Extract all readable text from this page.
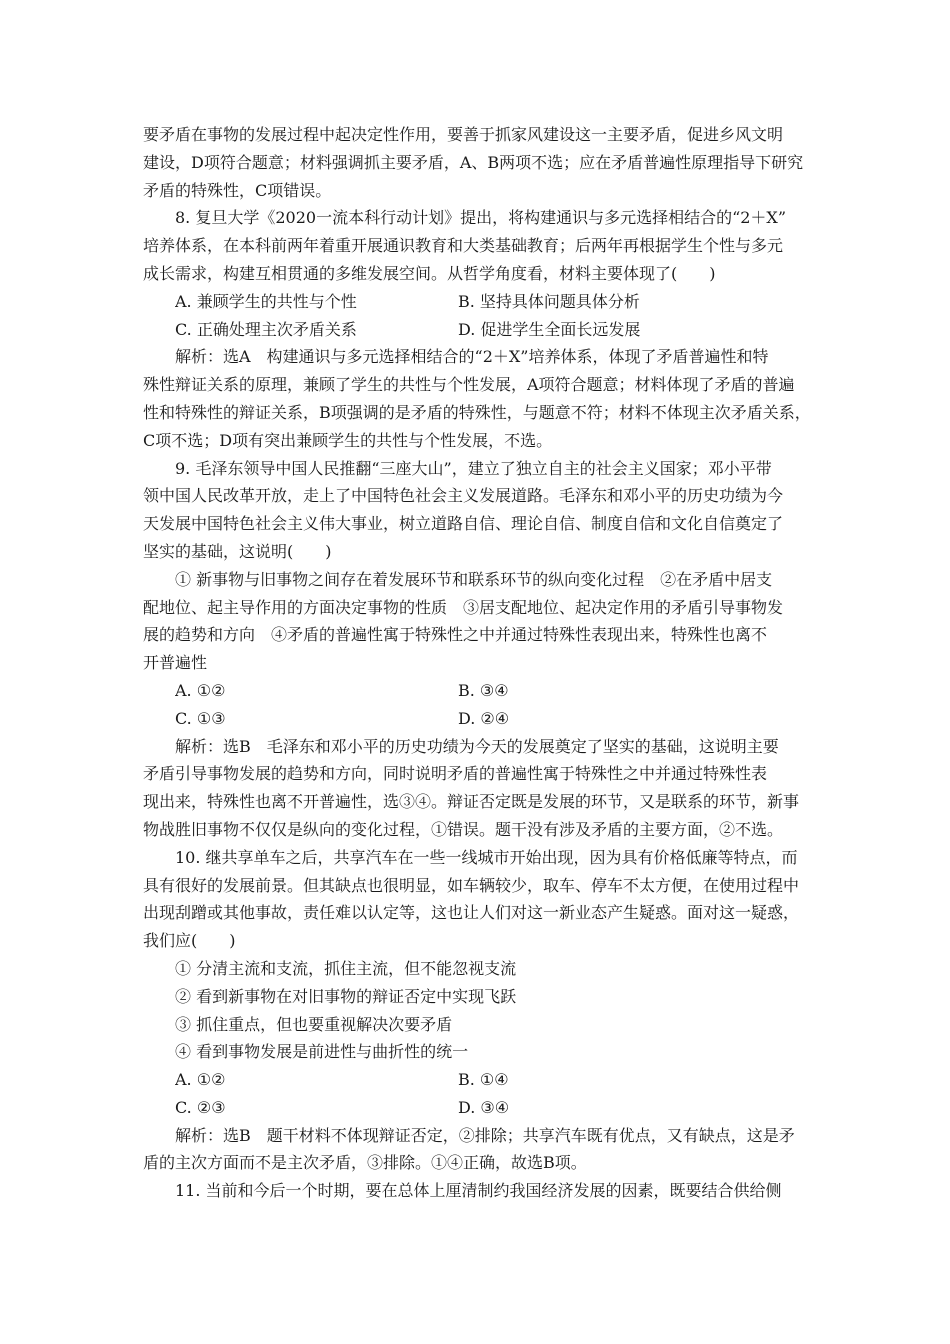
要矛盾在事物的发展过程中起决定性作用，要善于抓家风建设这一主要矛盾，促进乡风文明
建设，D项符合题意；材料强调抓主要矛盾，A、B两项不选；应在矛盾普遍性原理指导下研究
矛盾的特殊性，C项错误。
8. 复旦大学《2020一流本科行动计划》提出，将构建通识与多元选择相结合的“2＋X”
培养体系，在本科前两年着重开展通识教育和大类基础教育；后两年再根据学生个性与多元
成长需求，构建互相贯通的多维发展空间。从哲学角度看，材料主要体现了(　　)
A. 兼顾学生的共性与个性	B. 坚持具体问题具体分析
C. 正确处理主次矛盾关系	D. 促进学生全面长远发展
解析：选A　构建通识与多元选择相结合的“2＋X”培养体系，体现了矛盾普遍性和特
殊性辩证关系的原理，兼顾了学生的共性与个性发展，A项符合题意；材料体现了矛盾的普遍
性和特殊性的辩证关系，B项强调的是矛盾的特殊性，与题意不符；材料不体现主次矛盾关系，
C项不选；D项有突出兼顾学生的共性与个性发展，不选。
9. 毛泽东领导中国人民推翻“三座大山”，建立了独立自主的社会主义国家；邓小平带
领中国人民改革开放，走上了中国特色社会主义发展道路。毛泽东和邓小平的历史功绩为今
天发展中国特色社会主义伟大事业，树立道路自信、理论自信、制度自信和文化自信奠定了
坚实的基础，这说明(　　)
① 新事物与旧事物之间存在着发展环节和联系环节的纵向变化过程　②在矛盾中居支
配地位、起主导作用的方面决定事物的性质　③居支配地位、起决定作用的矛盾引导事物发
展的趋势和方向　④矛盾的普遍性寓于特殊性之中并通过特殊性表现出来，特殊性也离不
开普遍性
A. ①②	B. ③④
C. ①③	D. ②④
解析：选B　毛泽东和邓小平的历史功绩为今天的发展奠定了坚实的基础，这说明主要
矛盾引导事物发展的趋势和方向，同时说明矛盾的普遍性寓于特殊性之中并通过特殊性表
现出来，特殊性也离不开普遍性，选③④。辩证否定既是发展的环节，又是联系的环节，新事
物战胜旧事物不仅仅是纵向的变化过程，①错误。题干没有涉及矛盾的主要方面，②不选。
10. 继共享单车之后，共享汽车在一些一线城市开始出现，因为具有价格低廉等特点，而
具有很好的发展前景。但其缺点也很明显，如车辆较少，取车、停车不太方便，在使用过程中
出现刮蹭或其他事故，责任难以认定等，这也让人们对这一新业态产生疑惑。面对这一疑惑，
我们应(　　)
① 分清主流和支流，抓住主流，但不能忽视支流
② 看到新事物在对旧事物的辩证否定中实现飞跃
③ 抓住重点，但也要重视解决次要矛盾
④ 看到事物发展是前进性与曲折性的统一
A. ①②	B. ①④
C. ②③	D. ③④
解析：选B　题干材料不体现辩证否定，②排除；共享汽车既有优点，又有缺点，这是矛
盾的主次方面而不是主次矛盾，③排除。①④正确，故选B项。
11. 当前和今后一个时期，要在总体上厘清制约我国经济发展的因素，既要结合供给侧
